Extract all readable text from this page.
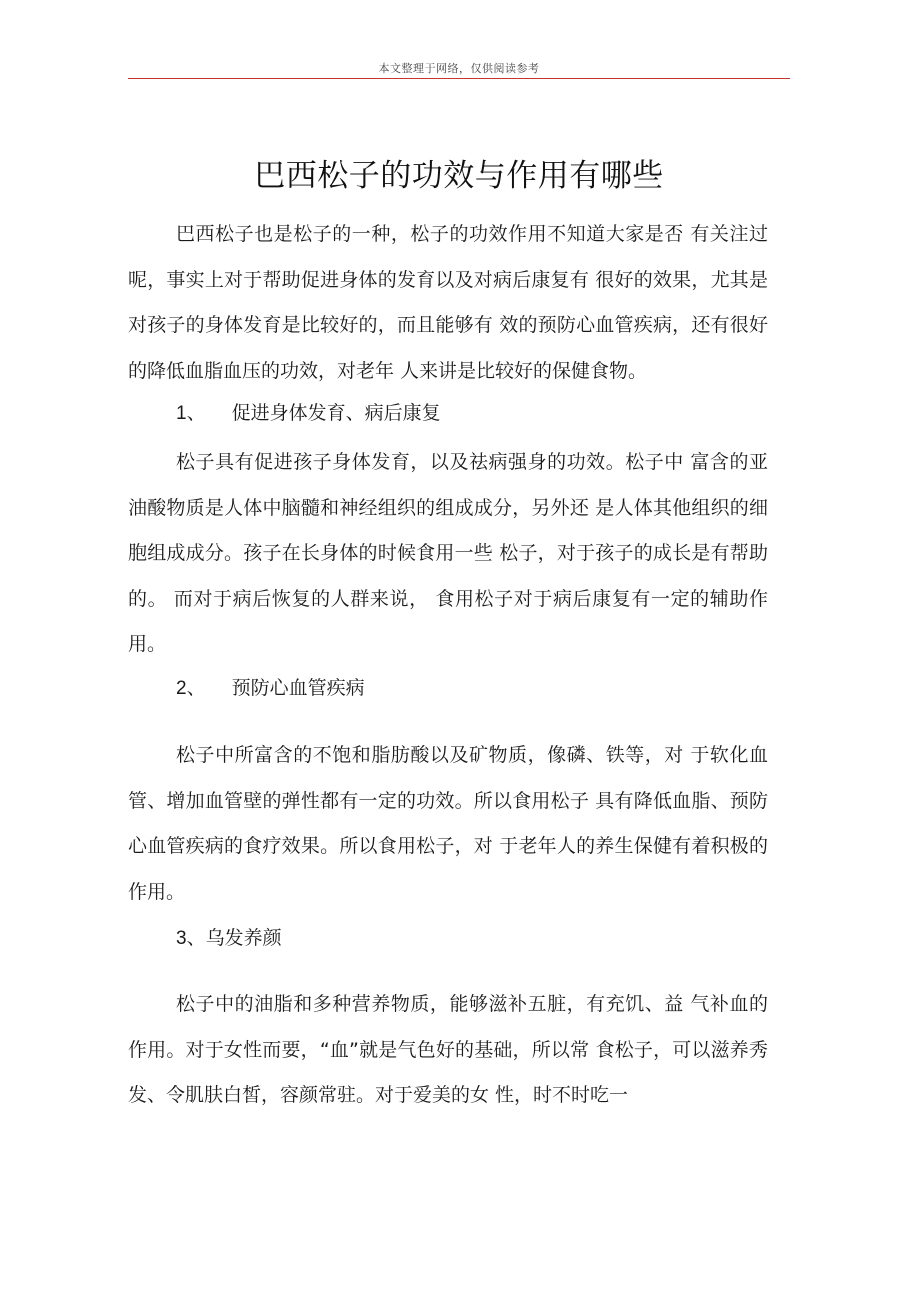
本文整理于网络，仅供阅读参考
巴西松子的功效与作用有哪些

巴西松子也是松子的一种，松子的功效作用不知道大家是否 有关注过呢，事实上对于帮助促进身体的发育以及对病后康复有 很好的效果，尤其是对孩子的身体发育是比较好的，而且能够有 效的预防心血管疾病，还有很好的降低血脂血压的功效，对老年 人来讲是比较好的保健食物。

1、 促进身体发育、病后康复

松子具有促进孩子身体发育，以及祛病强身的功效。松子中 富含的亚油酸物质是人体中脑髓和神经组织的组成成分，另外还 是人体其他组织的细胞组成成分。孩子在长身体的时候食用一些 松子，对于孩子的成长是有帮助的。 而对于病后恢复的人群来说， 食用松子对于病后康复有一定的辅助作用。

2、 预防心血管疾病

松子中所富含的不饱和脂肪酸以及矿物质，像磷、铁等，对 于软化血管、增加血管壁的弹性都有一定的功效。所以食用松子 具有降低血脂、预防心血管疾病的食疗效果。所以食用松子，对 于老年人的养生保健有着积极的作用。

3、乌发养颜

松子中的油脂和多种营养物质，能够滋补五脏，有充饥、益 气补血的作用。对于女性而要，“血”就是气色好的基础，所以常 食松子，可以滋养秀发、令肌肤白皙，容颜常驻。对于爱美的女 性，时不时吃一
